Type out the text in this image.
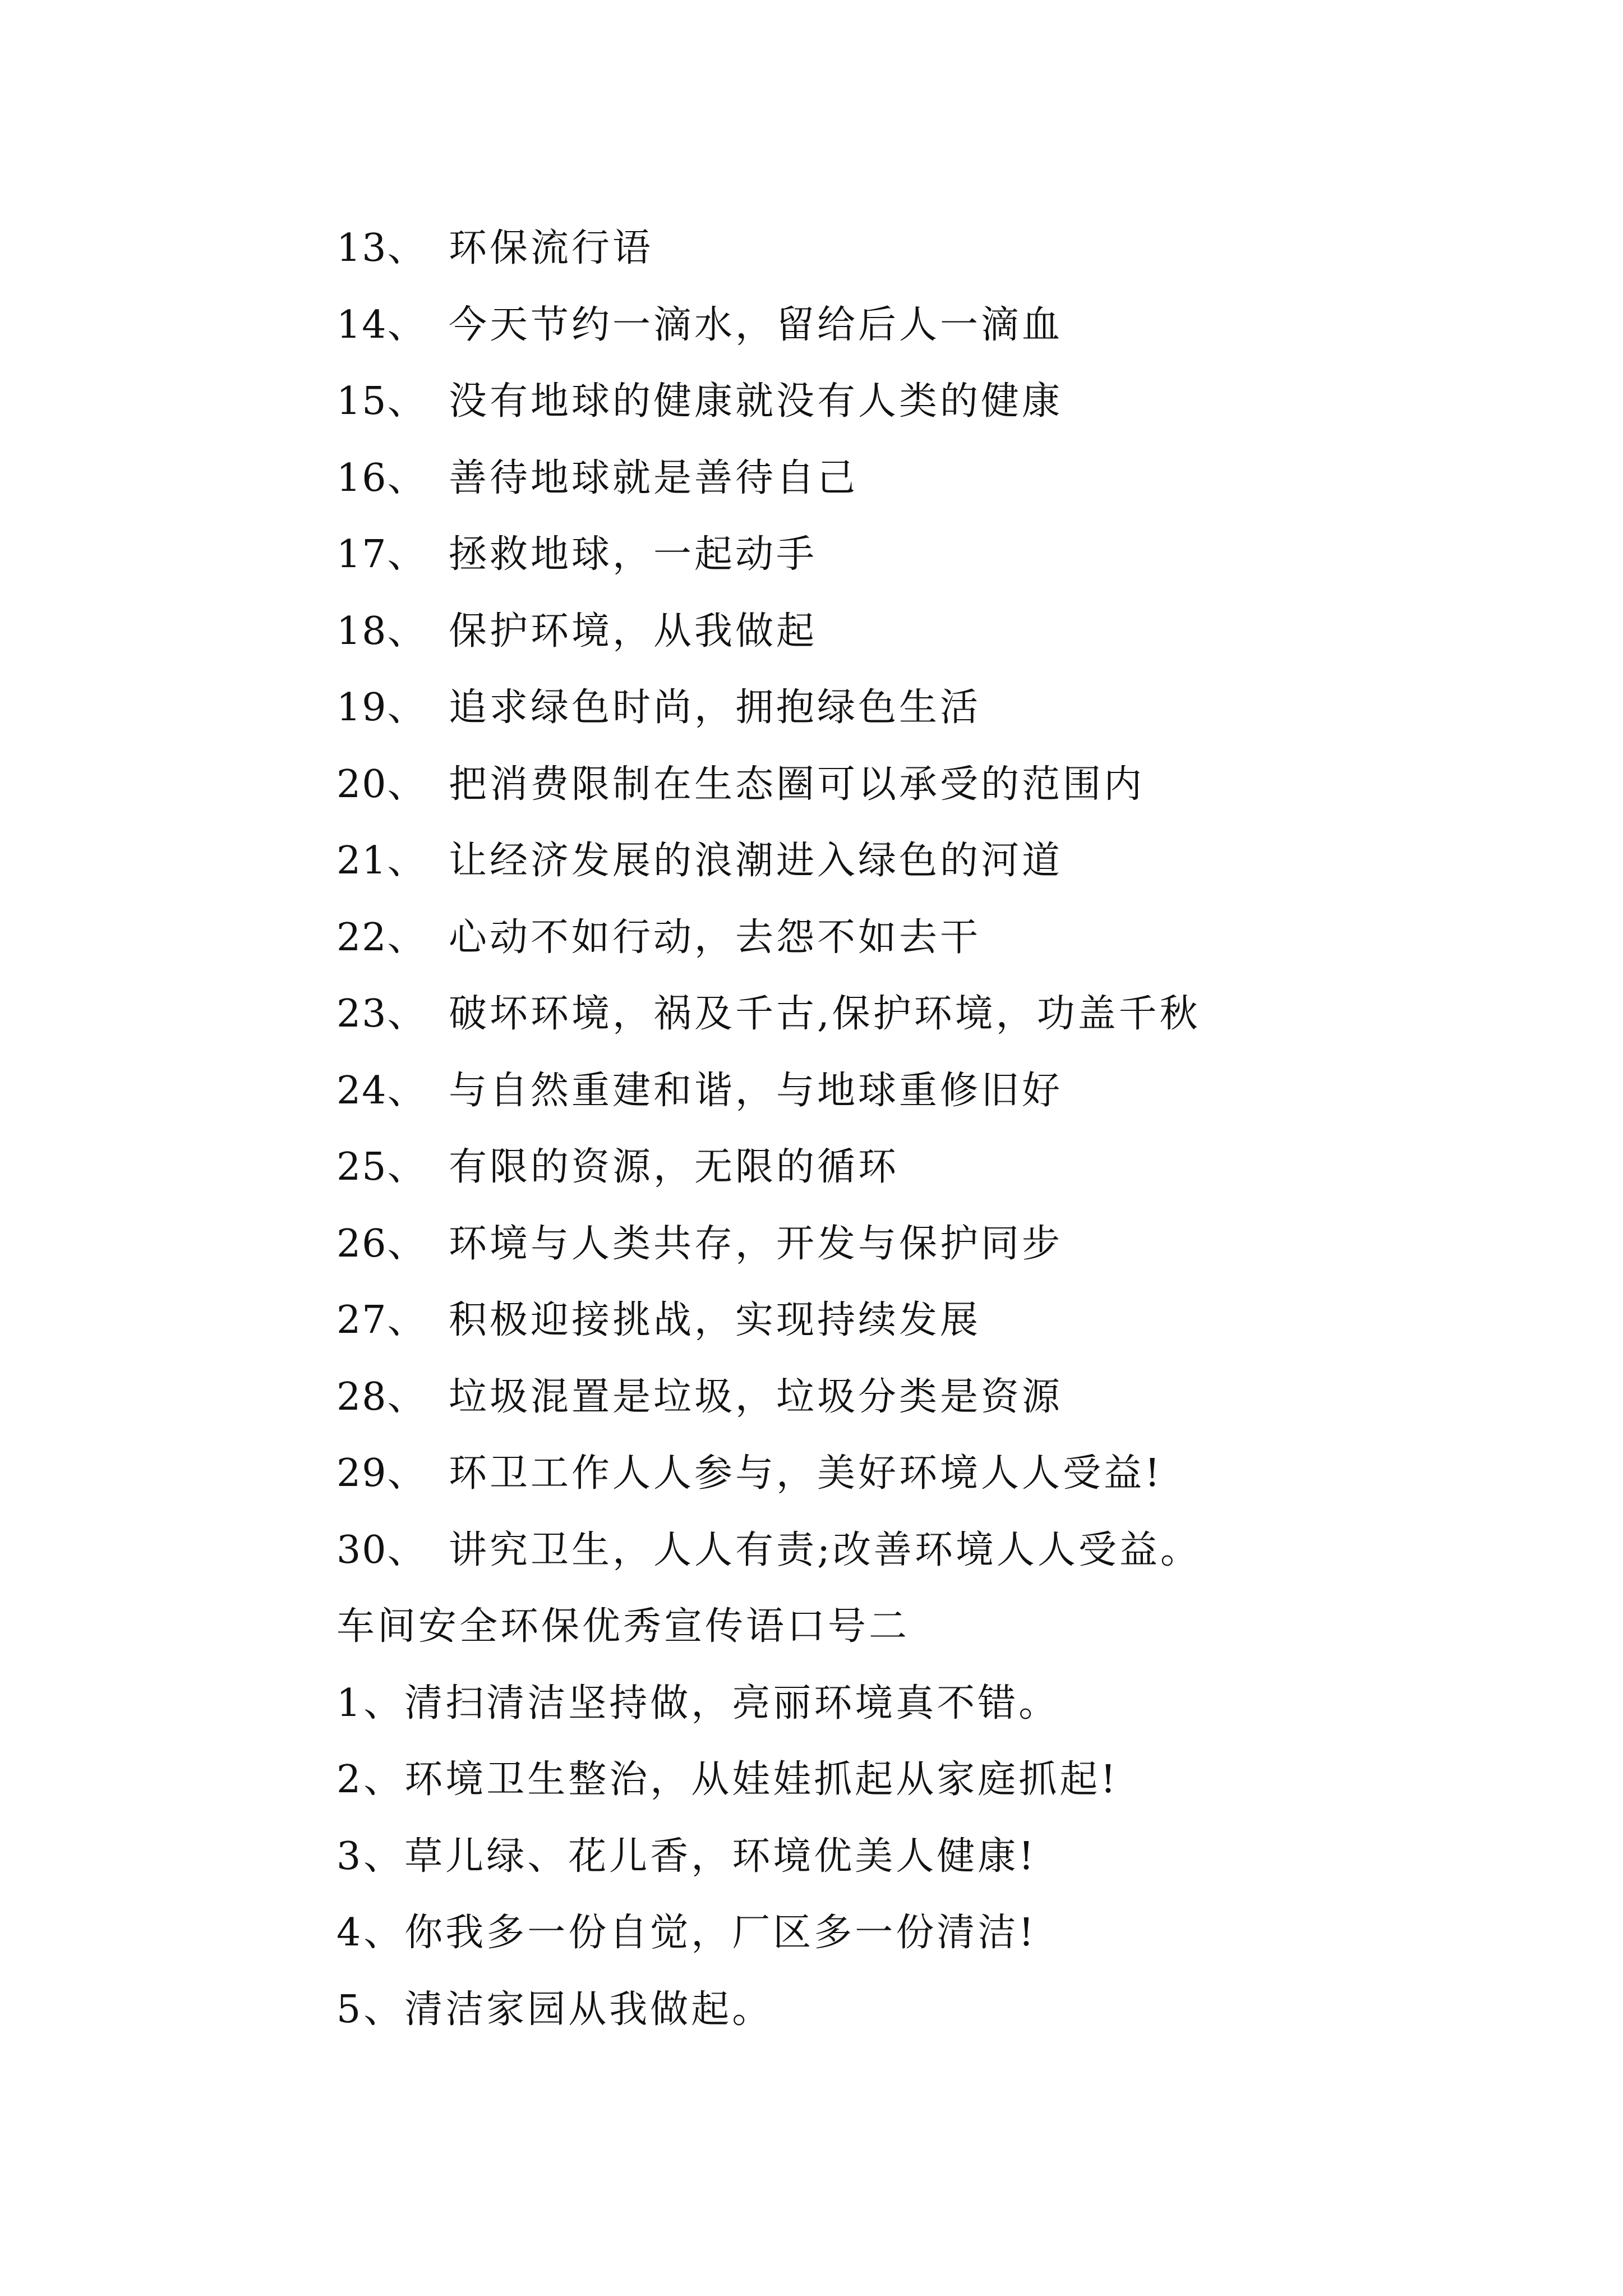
13、 环保流行语
14、 今天节约一滴水，留给后人一滴血
15、 没有地球的健康就没有人类的健康
16、 善待地球就是善待自己
17、 拯救地球，一起动手
18、 保护环境，从我做起
19、 追求绿色时尚，拥抱绿色生活
20、 把消费限制在生态圈可以承受的范围内
21、 让经济发展的浪潮进入绿色的河道
22、 心动不如行动，去怨不如去干
23、 破坏环境，祸及千古,保护环境，功盖千秋
24、 与自然重建和谐，与地球重修旧好
25、 有限的资源，无限的循环
26、 环境与人类共存，开发与保护同步
27、 积极迎接挑战，实现持续发展
28、 垃圾混置是垃圾，垃圾分类是资源
29、 环卫工作人人参与，美好环境人人受益!
30、 讲究卫生，人人有责;改善环境人人受益。
车间安全环保优秀宣传语口号二
1、清扫清洁坚持做，亮丽环境真不错。
2、环境卫生整治，从娃娃抓起从家庭抓起!
3、草儿绿、花儿香，环境优美人健康!
4、你我多一份自觉，厂区多一份清洁!
5、清洁家园从我做起。
